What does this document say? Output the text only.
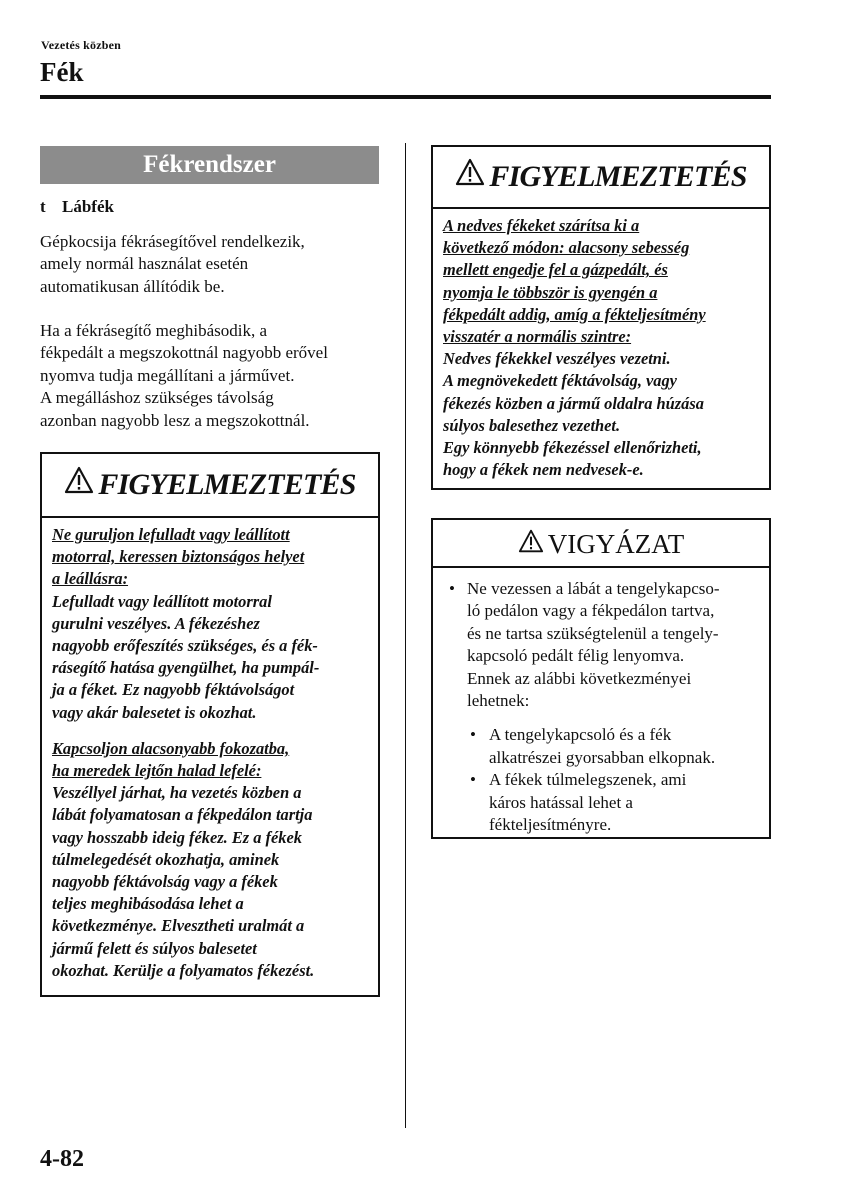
Vezetés közben
Fék
Fékrendszer
t Lábfék
Gépkocsija fékrásegítővel rendelkezik,
amely normál használat esetén
automatikusan állítódik be.
Ha a fékrásegítő meghibásodik, a
fékpedált a megszokottnál nagyobb erővel
nyomva tudja megállítani a járművet.
A megálláshoz szükséges távolság
azonban nagyobb lesz a megszokottnál.
FIGYELMEZTETÉS
Ne guruljon lefulladt vagy leállított
motorral, keressen biztonságos helyet
a leállásra:
Lefulladt vagy leállított motorral
gurulni veszélyes. A fékezéshez
nagyobb erőfeszítés szükséges, és a fék-
rásegítő hatása gyengülhet, ha pumpál-
ja a féket. Ez nagyobb féktávolságot
vagy akár balesetet is okozhat.
Kapcsoljon alacsonyabb fokozatba,
ha meredek lejtőn halad lefelé:
Veszéllyel járhat, ha vezetés közben a
lábát folyamatosan a fékpedálon tartja
vagy hosszabb ideig fékez. Ez a fékek
túlmelegedését okozhatja, aminek
nagyobb féktávolság vagy a fékek
teljes meghibásodása lehet a
következménye. Elvesztheti uralmát a
jármű felett és súlyos balesetet
okozhat. Kerülje a folyamatos fékezést.
FIGYELMEZTETÉS
A nedves fékeket szárítsa ki a
következő módon: alacsony sebesség
mellett engedje fel a gázpedált, és
nyomja le többször is gyengén a
fékpedált addig, amíg a fékteljesítmény
visszatér a normális szintre:
Nedves fékekkel veszélyes vezetni.
A megnövekedett féktávolság, vagy
fékezés közben a jármű oldalra húzása
súlyos balesethez vezethet.
Egy könnyebb fékezéssel ellenőrizheti,
hogy a fékek nem nedvesek-e.
VIGYÁZAT
• Ne vezessen a lábát a tengelykapcso-
ló pedálon vagy a fékpedálon tartva,
és ne tartsa szükségtelenül a tengely-
kapcsoló pedált félig lenyomva.
Ennek az alábbi következményei
lehetnek:
• A tengelykapcsoló és a fék
alkatrészei gyorsabban elkopnak.
• A fékek túlmelegszenek, ami
káros hatással lehet a
fékteljesítményre.
4-82
